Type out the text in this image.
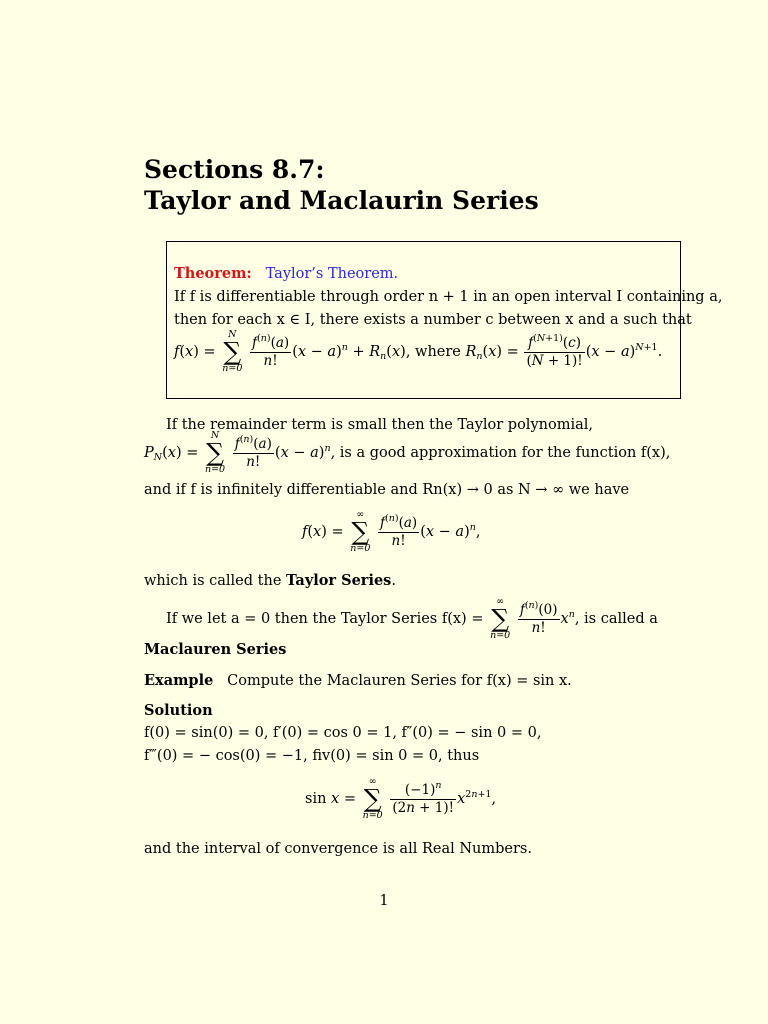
Sections 8.7:
Taylor and Maclaurin Series
Theorem: Taylor’s Theorem.
If f is differentiable through order n + 1 in an open interval I containing a,
then for each x ∈ I, there exists a number c between x and a such that
f(x) =
N
∑
n=0
$\frac{f^{(n)}(a)}{n!} (x - a)^n + R_n(x)$, where $R_n(x) = \frac{f^{(N+1)}(c)}{(N + 1)!} (x - a)^{N+1}$.
If the remainder term is small then the Taylor polynomial,
$P_N(x)$ =
N
∑
n=0
$\frac{f^{(n)}(a)}{n!} (x - a)^n$, is a good approximation for the function f(x),
and if f is infinitely differentiable and Rn(x) → 0 as N → ∞ we have
f(x) =
∞
∑
n=0
$\frac{f^{(n)}(a)}{n!} (x - a)^n$,
which is called the Taylor Series.
If we let a = 0 then the Taylor Series f(x) =
∞
∑
n=0
$\frac{f^{(n)}(0)}{n!} x^n$, is called a
Maclauren Series
Example Compute the Maclauren Series for f(x) = sin x.
Solution
f(0) = sin(0) = 0, f′(0) = cos 0 = 1, f″(0) = − sin 0 = 0,
f‴(0) = − cos(0) = −1, fiv(0) = sin 0 = 0, thus
sin x =
∞
∑
n=0
$\frac{(-1)^n}{(2n + 1)!} x^{2n+1}$,
and the interval of convergence is all Real Numbers.
1
